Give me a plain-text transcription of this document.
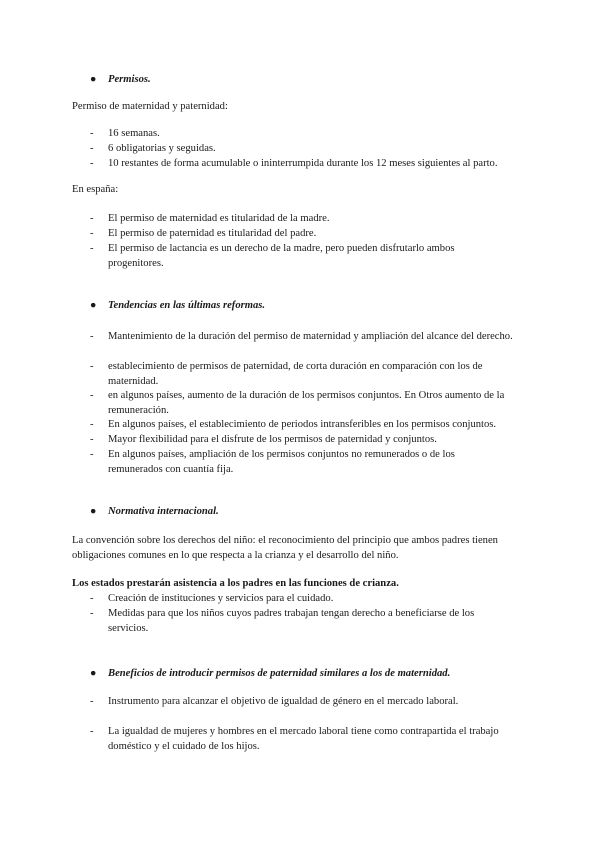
● Permisos.
Permiso de maternidad y paternidad:
- 16 semanas.
- 6 obligatorias y seguidas.
- 10 restantes de forma acumulable o ininterrumpida durante los 12 meses siguientes al parto.
En españa:
- El permiso de maternidad es titularidad de la madre.
- El permiso de paternidad es titularidad del padre.
- El permiso de lactancia es un derecho de la madre, pero pueden disfrutarlo ambos progenitores.
● Tendencias en las últimas reformas.
- Mantenimiento de la duración del permiso de maternidad y ampliación del alcance del derecho.
- establecimiento de permisos de paternidad, de corta duración en comparación con los de maternidad.
- en algunos países, aumento de la duración de los permisos conjuntos. En Otros aumento de la remuneración.
- En algunos países, el establecimiento de periodos intransferibles en los permisos conjuntos.
- Mayor flexibilidad para el disfrute de los permisos de paternidad y conjuntos.
- En algunos países, ampliación de los permisos conjuntos no remunerados o de los remunerados con cuantía fija.
● Normativa internacional.
La convención sobre los derechos del niño: el reconocimiento del principio que ambos padres tienen obligaciones comunes en lo que respecta a la crianza y el desarrollo del niño.
Los estados prestarán asistencia a los padres en las funciones de crianza.
- Creación de instituciones y servicios para el cuidado.
- Medidas para que los niños cuyos padres trabajan tengan derecho a beneficiarse de los servicios.
● Beneficios de introducir permisos de paternidad similares a los de maternidad.
- Instrumento para alcanzar el objetivo de igualdad de género en el mercado laboral.
- La igualdad de mujeres y hombres en el mercado laboral tiene como contrapartida el trabajo doméstico y el cuidado de los hijos.
